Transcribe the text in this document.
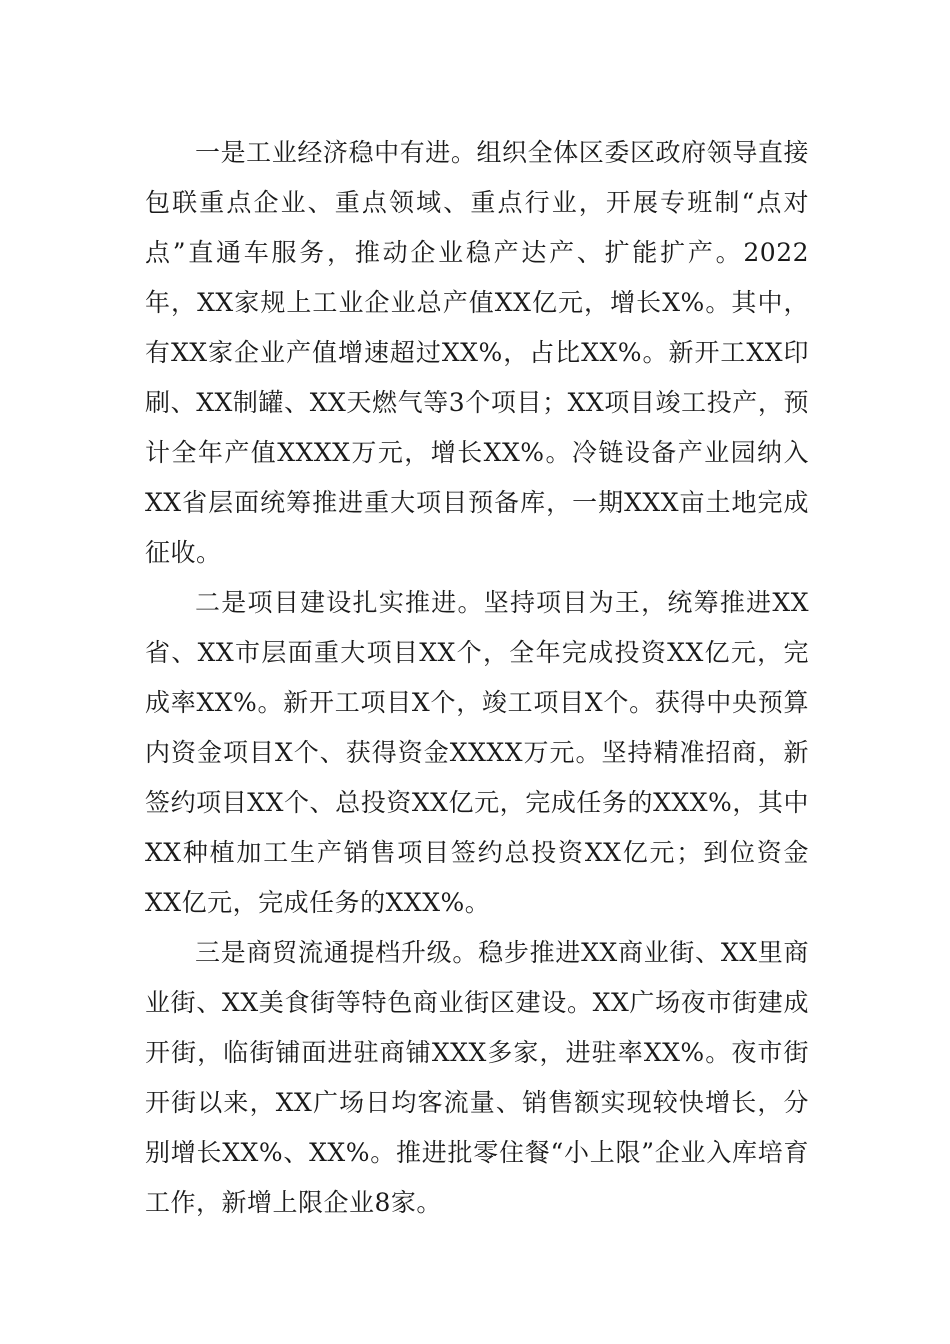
一是工业经济稳中有进。组织全体区委区政府领导直接包联重点企业、重点领域、重点行业，开展专班制“点对点”直通车服务，推动企业稳产达产、扩能扩产。2022年，XX家规上工业企业总产值XX亿元，增长X%。其中，有XX家企业产值增速超过XX%，占比XX%。新开工XX印刷、XX制罐、XX天燃气等3个项目；XX项目竣工投产，预计全年产值XXXX万元，增长XX%。冷链设备产业园纳入XX省层面统筹推进重大项目预备库，一期XXX亩土地完成征收。

二是项目建设扎实推进。坚持项目为王，统筹推进XX省、XX市层面重大项目XX个，全年完成投资XX亿元，完成率XX%。新开工项目X个，竣工项目X个。获得中央预算内资金项目X个、获得资金XXXX万元。坚持精准招商，新签约项目XX个、总投资XX亿元，完成任务的XXX%，其中XX种植加工生产销售项目签约总投资XX亿元；到位资金XX亿元，完成任务的XXX%。

三是商贸流通提档升级。稳步推进XX商业街、XX里商业街、XX美食街等特色商业街区建设。XX广场夜市街建成开街，临街铺面进驻商铺XXX多家，进驻率XX%。夜市街开街以来，XX广场日均客流量、销售额实现较快增长，分别增长XX%、XX%。推进批零住餐“小上限”企业入库培育工作，新增上限企业8家。
